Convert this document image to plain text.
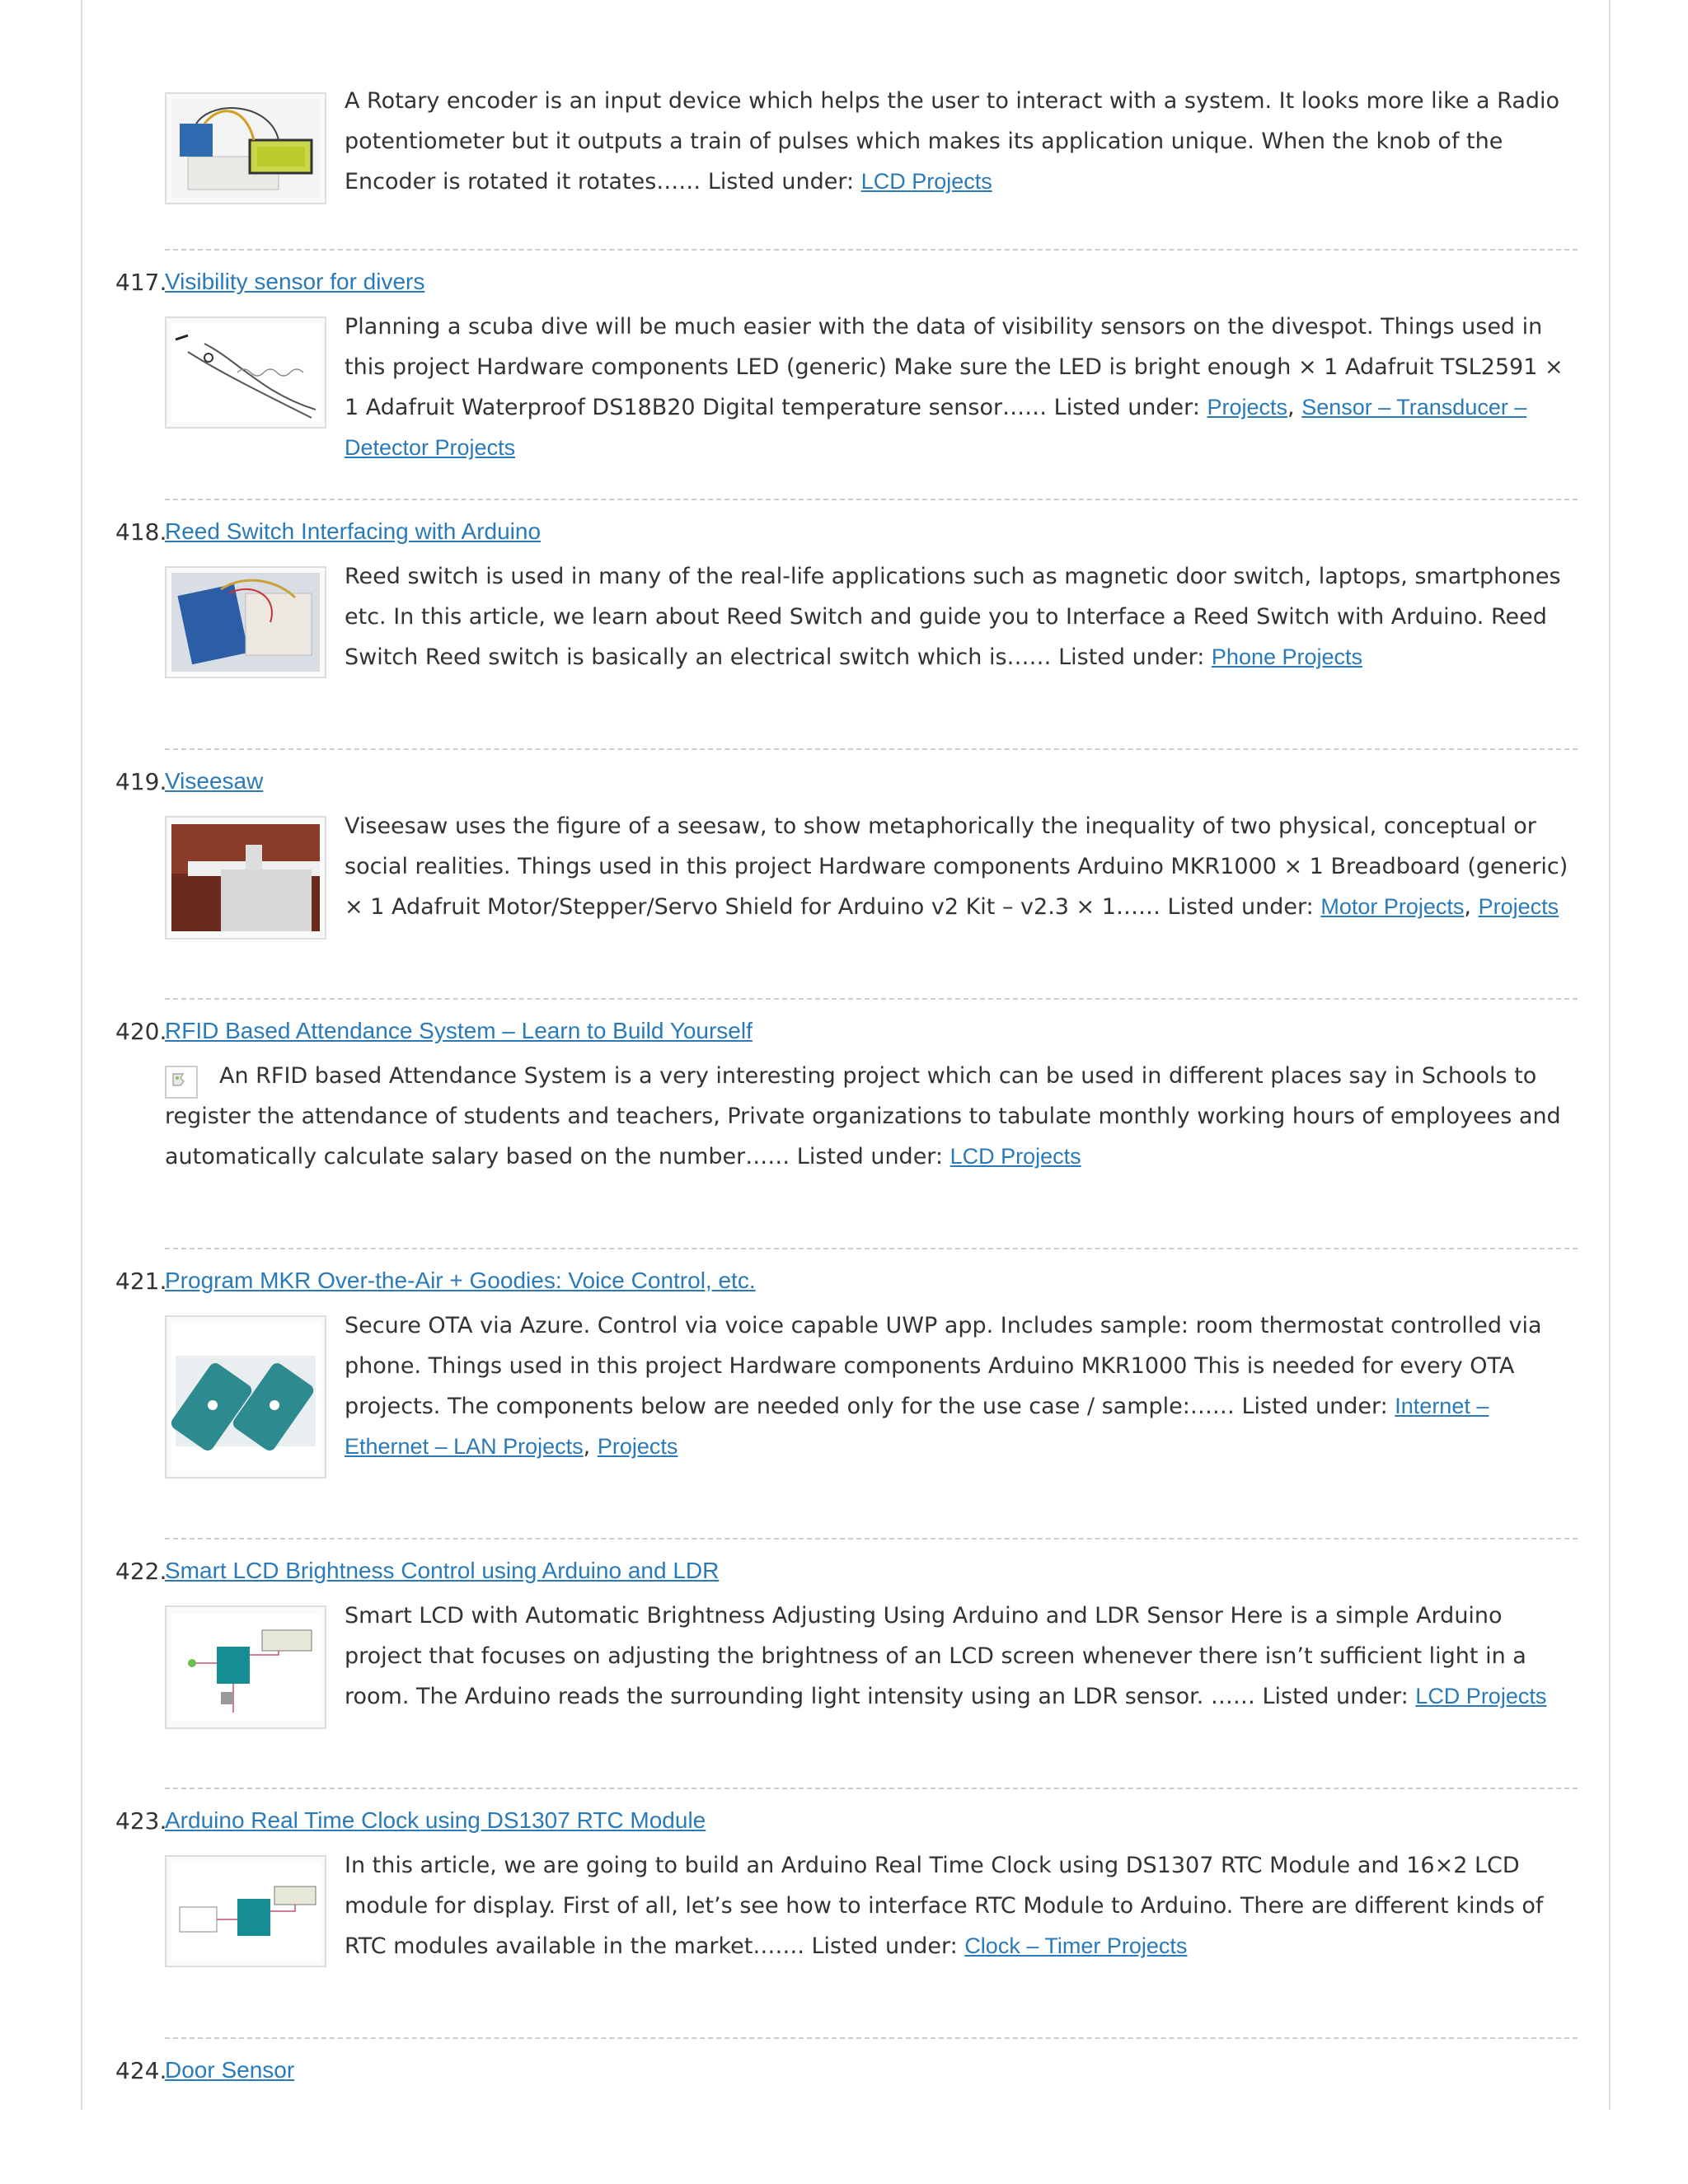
A Rotary encoder is an input device which helps the user to interact with a system. It looks more like a Radio potentiometer but it outputs a train of pulses which makes its application unique. When the knob of the Encoder is rotated it rotates…… Listed under: LCD Projects
417.
Visibility sensor for divers
Planning a scuba dive will be much easier with the data of visibility sensors on the divespot. Things used in this project Hardware components LED (generic) Make sure the LED is bright enough × 1 Adafruit TSL2591 × 1 Adafruit Waterproof DS18B20 Digital temperature sensor…… Listed under: Projects, Sensor – Transducer – Detector Projects
418.
Reed Switch Interfacing with Arduino
Reed switch is used in many of the real-life applications such as magnetic door switch, laptops, smartphones etc. In this article, we learn about Reed Switch and guide you to Interface a Reed Switch with Arduino. Reed Switch Reed switch is basically an electrical switch which is…… Listed under: Phone Projects
419.
Viseesaw
Viseesaw uses the figure of a seesaw, to show metaphorically the inequality of two physical, conceptual or social realities. Things used in this project Hardware components Arduino MKR1000 × 1 Breadboard (generic) × 1 Adafruit Motor/Stepper/Servo Shield for Arduino v2 Kit – v2.3 × 1…… Listed under: Motor Projects, Projects
420.
RFID Based Attendance System – Learn to Build Yourself
An RFID based Attendance System is a very interesting project which can be used in different places say in Schools to register the attendance of students and teachers, Private organizations to tabulate monthly working hours of employees and automatically calculate salary based on the number…… Listed under: LCD Projects
421.
Program MKR Over-the-Air + Goodies: Voice Control, etc.
Secure OTA via Azure. Control via voice capable UWP app. Includes sample: room thermostat controlled via phone. Things used in this project Hardware components Arduino MKR1000 This is needed for every OTA projects. The components below are needed only for the use case / sample:…… Listed under: Internet – Ethernet – LAN Projects, Projects
422.
Smart LCD Brightness Control using Arduino and LDR
Smart LCD with Automatic Brightness Adjusting Using Arduino and LDR Sensor Here is a simple Arduino project that focuses on adjusting the brightness of an LCD screen whenever there isn’t sufficient light in a room. The Arduino reads the surrounding light intensity using an LDR sensor. …… Listed under: LCD Projects
423.
Arduino Real Time Clock using DS1307 RTC Module
In this article, we are going to build an Arduino Real Time Clock using DS1307 RTC Module and 16×2 LCD module for display. First of all, let’s see how to interface RTC Module to Arduino. There are different kinds of RTC modules available in the market……. Listed under: Clock – Timer Projects
424.
Door Sensor
